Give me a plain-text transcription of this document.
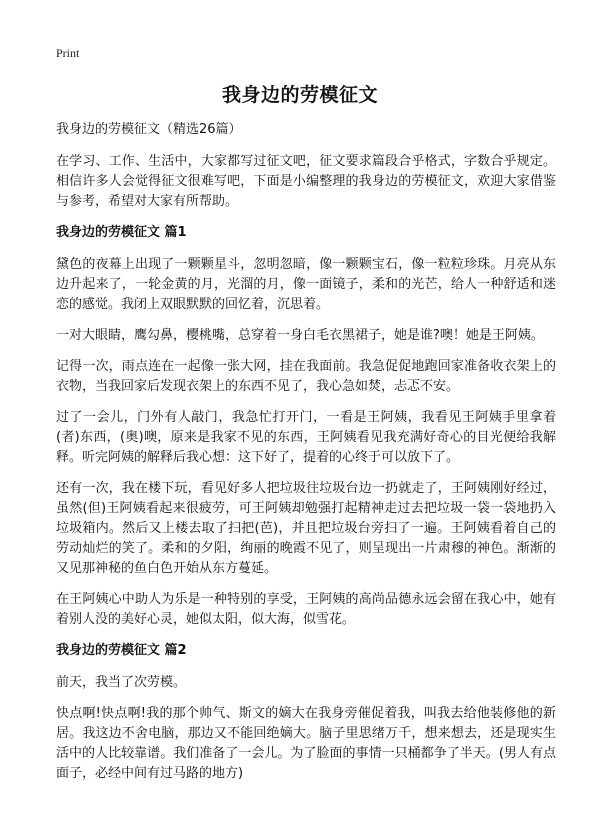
Print
我身边的劳模征文

我身边的劳模征文（精选26篇）

在学习、工作、生活中，大家都写过征文吧，征文要求篇段合乎格式，字数合乎规定。相信许多人会觉得征文很难写吧，下面是小编整理的我身边的劳模征文，欢迎大家借鉴与参考，希望对大家有所帮助。

我身边的劳模征文 篇1

黛色的夜幕上出现了一颗颗星斗，忽明忽暗，像一颗颗宝石，像一粒粒珍珠。月亮从东边升起来了，一轮金黄的月，光溜的月，像一面镜子，柔和的光芒，给人一种舒适和迷恋的感觉。我闭上双眼默默的回忆着，沉思着。

一对大眼睛，鹰勾鼻，樱桃嘴，总穿着一身白毛衣黑裙子，她是谁?噢！她是王阿姨。

记得一次，雨点连在一起像一张大网，挂在我面前。我急促促地跑回家准备收衣架上的衣物，当我回家后发现衣架上的东西不见了，我心急如焚，忐忑不安。

过了一会儿，门外有人敲门，我急忙打开门，一看是王阿姨，我看见王阿姨手里拿着(者)东西，(奥)噢，原来是我家不见的东西，王阿姨看见我充满好奇心的目光便给我解释。听完阿姨的解释后我心想：这下好了，提着的心终于可以放下了。

还有一次，我在楼下玩，看见好多人把垃圾往垃圾台边一扔就走了，王阿姨刚好经过，虽然(但)王阿姨看起来很疲劳，可王阿姨却勉强打起精神走过去把垃圾一袋一袋地扔入垃圾箱内。然后又上楼去取了扫把(芭)，并且把垃圾台旁扫了一遍。王阿姨看着自己的劳动灿烂的笑了。柔和的夕阳，绚丽的晚霞不见了，则呈现出一片肃穆的神色。渐渐的又见那神秘的鱼白色开始从东方蔓延。

在王阿姨心中助人为乐是一种特别的享受，王阿姨的高尚品德永远会留在我心中，她有着别人没的美好心灵，她似太阳，似大海，似雪花。

我身边的劳模征文 篇2

前天，我当了次劳模。

快点啊!快点啊!我的那个帅气、斯文的嫡大在我身旁催促着我，叫我去给他装修他的新居。我这边不舍电脑，那边又不能回绝嫡大。脑子里思绪万千，想来想去，还是现实生活中的人比较靠谱。我们准备了一会儿。为了脸面的事情一只桶都争了半天。(男人有点面子，必经中间有过马路的地方)
